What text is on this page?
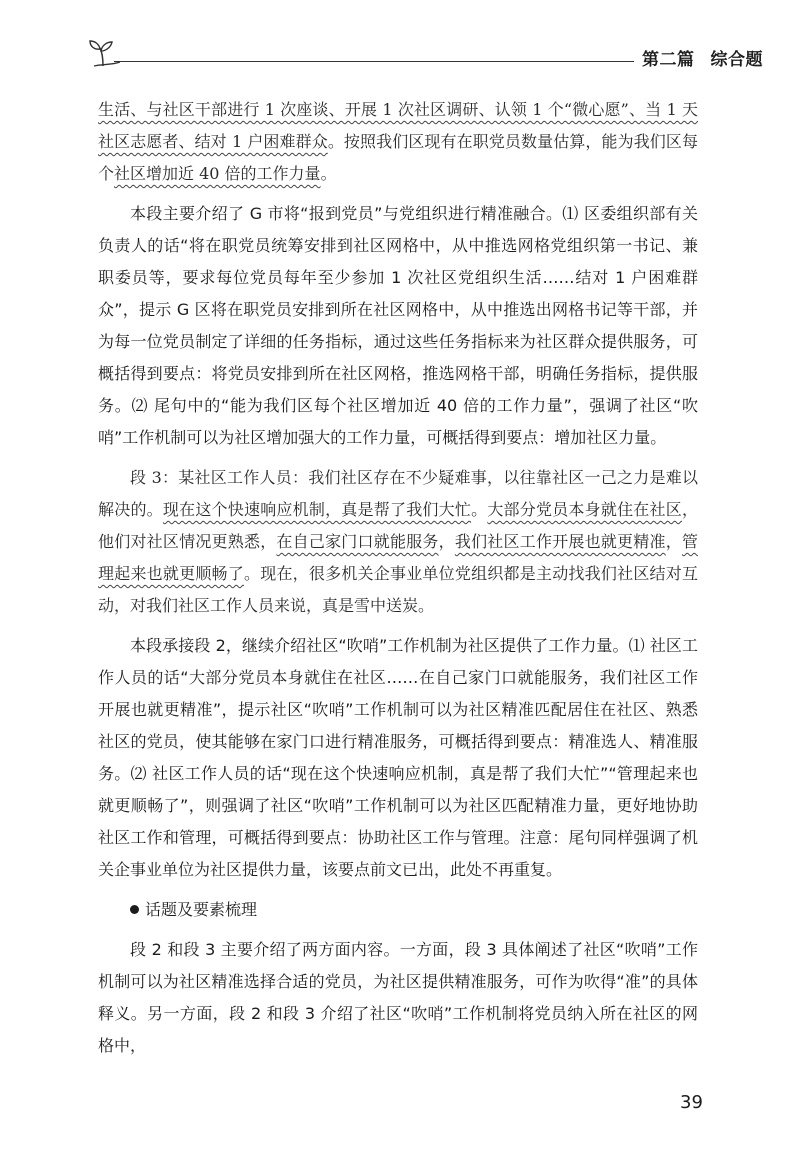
第二篇 综合题

生活、与社区干部进行 1 次座谈、开展 1 次社区调研、认领 1 个“微心愿”、当 1 天社区志愿者、结对 1 户困难群众。按照我们区现有在职党员数量估算，能为我们区每个社区增加近 40 倍的工作力量。

本段主要介绍了 G 市将“报到党员”与党组织进行精准融合。⑴ 区委组织部有关负责人的话“将在职党员统筹安排到社区网格中，从中推选网格党组织第一书记、兼职委员等，要求每位党员每年至少参加 1 次社区党组织生活……结对 1 户困难群众”，提示 G 区将在职党员安排到所在社区网格中，从中推选出网格书记等干部，并为每一位党员制定了详细的任务指标，通过这些任务指标来为社区群众提供服务，可概括得到要点：将党员安排到所在社区网格，推选网格干部，明确任务指标，提供服务。⑵ 尾句中的“能为我们区每个社区增加近 40 倍的工作力量”，强调了社区“吹哨”工作机制可以为社区增加强大的工作力量，可概括得到要点：增加社区力量。

段 3：某社区工作人员：我们社区存在不少疑难事，以往靠社区一己之力是难以解决的。现在这个快速响应机制，真是帮了我们大忙。大部分党员本身就住在社区，他们对社区情况更熟悉，在自己家门口就能服务，我们社区工作开展也就更精准，管理起来也就更顺畅了。现在，很多机关企事业单位党组织都是主动找我们社区结对互动，对我们社区工作人员来说，真是雪中送炭。

本段承接段 2，继续介绍社区“吹哨”工作机制为社区提供了工作力量。⑴ 社区工作人员的话“大部分党员本身就住在社区……在自己家门口就能服务，我们社区工作开展也就更精准”，提示社区“吹哨”工作机制可以为社区精准匹配居住在社区、熟悉社区的党员，使其能够在家门口进行精准服务，可概括得到要点：精准选人、精准服务。⑵ 社区工作人员的话“现在这个快速响应机制，真是帮了我们大忙”“管理起来也就更顺畅了”，则强调了社区“吹哨”工作机制可以为社区匹配精准力量，更好地协助社区工作和管理，可概括得到要点：协助社区工作与管理。注意：尾句同样强调了机关企事业单位为社区提供力量，该要点前文已出，此处不再重复。

话题及要素梳理

段 2 和段 3 主要介绍了两方面内容。一方面，段 3 具体阐述了社区“吹哨”工作机制可以为社区精准选择合适的党员，为社区提供精准服务，可作为吹得“准”的具体释义。另一方面，段 2 和段 3 介绍了社区“吹哨”工作机制将党员纳入所在社区的网格中，

39
